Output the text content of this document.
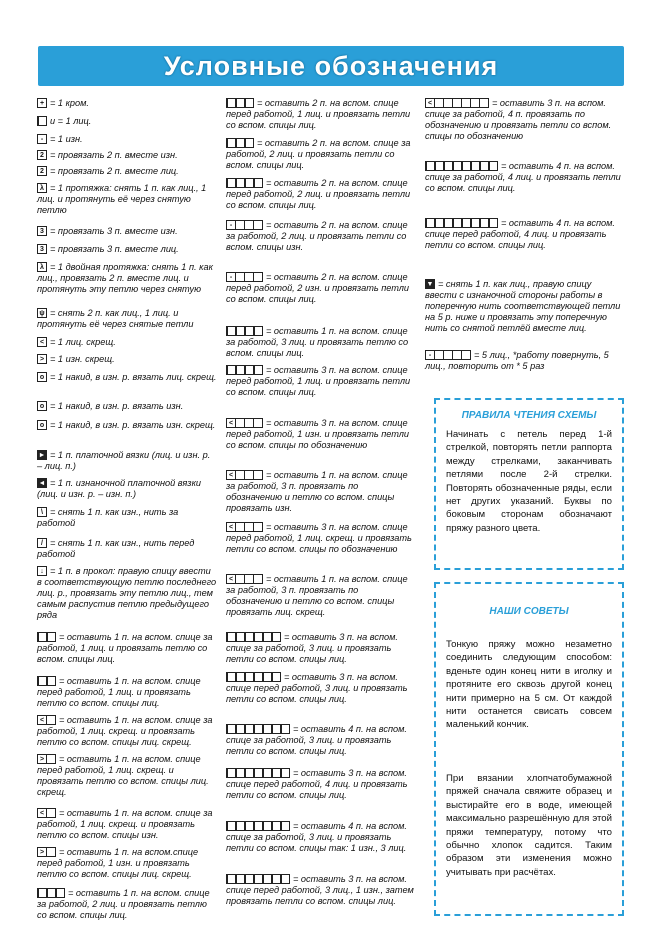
Условные обозначения
+ = 1 кром.
и = 1 лиц.
- = 1 изн.
2 = провязать 2 п. вместе изн.
2 = провязать 2 п. вместе лиц.
λ = 1 протяжка: снять 1 п. как лиц., 1 лиц. и протянуть её через снятую петлю
3 = провязать 3 п. вместе изн.
3 = провязать 3 п. вместе лиц.
λ = 1 двойная протяжка: снять 1 п. как лиц., провязать 2 п. вместе лиц. и протянуть эту петлю через снятую
ψ = снять 2 п. как лиц., 1 лиц. и протянуть её через снятые петли
< = 1 лиц. скрещ.
> = 1 изн. скрещ.
o = 1 накид, в изн. р. вязать лиц. скрещ.
o = 1 накид, в изн. р. вязать изн.
o = 1 накид, в изн. р. вязать изн. скрещ.
► = 1 п. платочной вязки (лиц. и изн. р. – лиц. п.)
◄ = 1 п. изнаночной платочной вязки (лиц. и изн. р. – изн. п.)
\ = снять 1 п. как изн., нить за работой
/ = снять 1 п. как изн., нить перед работой
↓ = 1 п. в прокол: правую спицу ввести в соответствующую петлю последнего лиц. р., провязать эту петлю лиц., тем самым распустив петлю предыдущего ряда
= оставить 1 п. на вспом. спице за работой, 1 лиц. и провязать петлю со вспом. спицы лиц.
= оставить 1 п. на вспом. спице перед работой, 1 лиц. и провязать петлю со вспом. спицы лиц.
<	= оставить 1 п. на вспом. спице за работой, 1 лиц. скрещ. и провязать петлю со вспом. спицы лиц. скрещ.
>	= оставить 1 п. на вспом. спице перед работой, 1 лиц. скрещ. и провязать петлю со вспом. спицы лиц. скрещ.
<	= оставить 1 п. на вспом. спице за работой, 1 лиц. скрещ. и провязать петлю со вспом. спицы изн.
>	= оставить 1 п. на вспом.спице перед работой, 1 изн. и провязать петлю со вспом. спицы лиц. скрещ.
= оставить 1 п. на вспом. спице за работой, 2 лиц. и провязать петлю со вспом. спицы лиц.
= оставить 2 п. на вспом. спице перед работой, 1 лиц. и провязать петли со вспом. спицы лиц.
= оставить 2 п. на вспом. спице за работой, 2 лиц. и провязать петли со вспом. спицы лиц.
= оставить 2 п. на вспом. спице перед работой, 2 лиц. и провязать петли со вспом. спицы лиц.
-	= оставить 2 п. на вспом. спице за работой, 2 лиц. и провязать петли со вспом. спицы изн.
-	= оставить 2 п. на вспом. спице перед работой, 2 изн. и провязать петли со вспом. спицы лиц.
= оставить 1 п. на вспом. спице за работой, 3 лиц. и провязать петлю со вспом. спицы лиц.
= оставить 3 п. на вспом. спице перед работой, 1 лиц. и провязать петли со вспом. спицы лиц.
<	= оставить 3 п. на вспом. спице перед работой, 1 изн. и провязать петли со вспом. спицы по обозначению
<	= оставить 1 п. на вспом. спице за работой, 3 п. провязать по обозначению и петлю со вспом. спицы провязать изн.
<	= оставить 3 п. на вспом. спице перед работой, 1 лиц. скрещ. и провязать петли со вспом. спицы по обозначению
<	= оставить 1 п. на вспом. спице за работой, 3 п. провязать по обозначению и петлю со вспом. спицы провязать лиц. скрещ.
= оставить 3 п. на вспом. спице за работой, 3 лиц. и провязать петли со вспом. спицы лиц.
= оставить 3 п. на вспом. спице перед работой, 3 лиц. и провязать петли со вспом. спицы лиц.
= оставить 4 п. на вспом. спице за работой, 3 лиц. и провязать петли со вспом. спицы лиц.
= оставить 3 п. на вспом. спице перед работой, 4 лиц. и провязать петли со вспом. спицы лиц.
= оставить 4 п. на вспом. спице за работой, 3 лиц. и провязать петли со вспом. спицы так: 1 изн., 3 лиц.
= оставить 3 п. на вспом. спице перед работой, 3 лиц., 1 изн., затем провязать петли со вспом. спицы лиц.
<	= оставить 3 п. на вспом. спице за работой, 4 п. провязать по обозначению и провязать петли со вспом. спицы по обозначению
= оставить 4 п. на вспом. спице за работой, 4 лиц. и провязать петли со вспом. спицы лиц.
= оставить 4 п. на вспом. спице перед работой, 4 лиц. и провязать петли со вспом. спицы лиц.
▼ = снять 1 п. как лиц., правую спицу ввести с изнаночной стороны работы в поперечную нить соответствующей петли на 5 р. ниже и провязать эту поперечную нить со снятой петлёй вместе лиц.
-	= 5 лиц., *работу повернуть, 5 лиц., повторить от * 5 раз
ПРАВИЛА ЧТЕНИЯ СХЕМЫ
Начинать с петель перед 1-й стрелкой, повторять петли раппорта между стрелками, заканчивать петлями после 2-й стрелки. Повторять обозначенные ряды, если нет других указаний. Буквы по боковым сторонам обозначают пряжу разного цвета.
НАШИ СОВЕТЫ
Тонкую пряжу можно незаметно соединить следующим способом: вденьте один конец нити в иголку и протяните его сквозь другой конец нити примерно на 5 см. От каждой нити останется свисать совсем маленький кончик.
При вязании хлопчатобумажной пряжей сначала свяжите образец и выстирайте его в воде, имеющей максимально разрешённую для этой пряжи температуру, потому что обычно хлопок садится. Таким образом эти изменения можно учитывать при расчётах.
